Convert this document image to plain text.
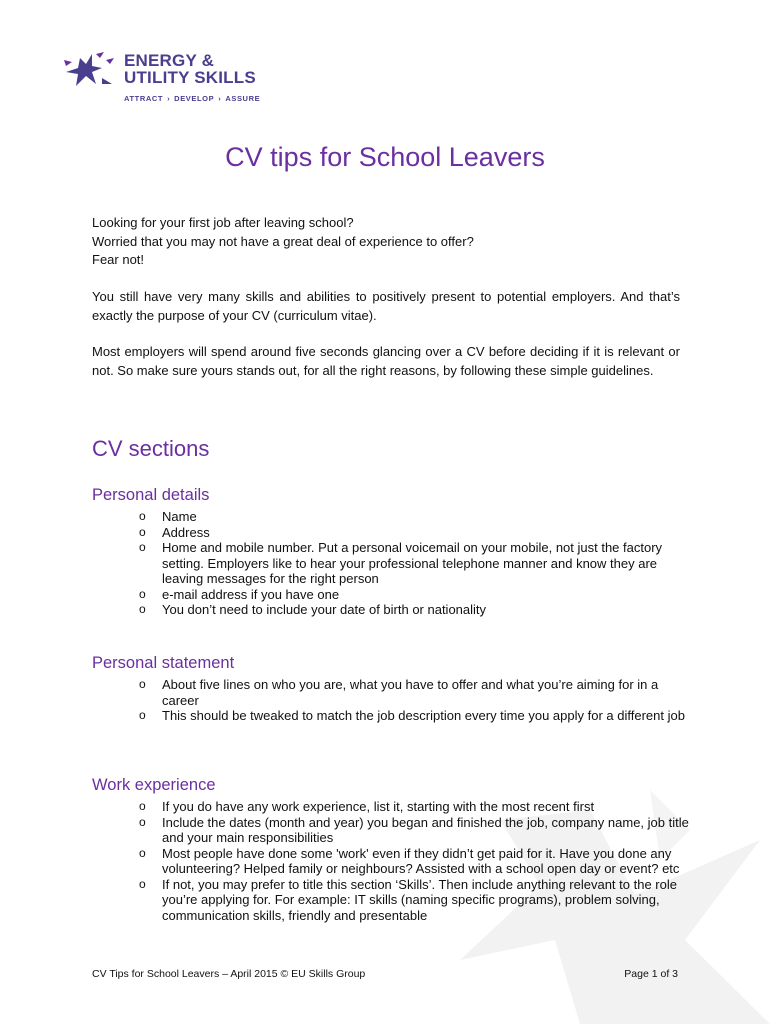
ENERGY &
UTILITY SKILLS
ATTRACT › DEVELOP › ASSURE
CV tips for School Leavers

Looking for your first job after leaving school?

Worried that you may not have a great deal of experience to offer?

Fear not!

You still have very many skills and abilities to positively present to potential employers. And that’s exactly the purpose of your CV (curriculum vitae).

Most employers will spend around five seconds glancing over a CV before deciding if it is relevant or not. So make sure yours stands out, for all the right reasons, by following these simple guidelines.

CV sections
Personal details
o Name
o Address
o Home and mobile number. Put a personal voicemail on your mobile, not just the factory setting. Employers like to hear your professional telephone manner and know they are leaving messages for the right person
o e-mail address if you have one
o You don’t need to include your date of birth or nationality
Personal statement
o About five lines on who you are, what you have to offer and what you’re aiming for in a career
o This should be tweaked to match the job description every time you apply for a different job
Work experience
o If you do have any work experience, list it, starting with the most recent first
o Include the dates (month and year) you began and finished the job, company name, job title and your main responsibilities
o Most people have done some 'work' even if they didn’t get paid for it. Have you done any volunteering? Helped family or neighbours? Assisted with a school open day or event? etc
o If not, you may prefer to title this section ‘Skills’. Then include anything relevant to the role you’re applying for. For example: IT skills (naming specific programs), problem solving, communication skills, friendly and presentable
CV Tips for School Leavers – April 2015 © EU Skills Group	Page 1 of 3
